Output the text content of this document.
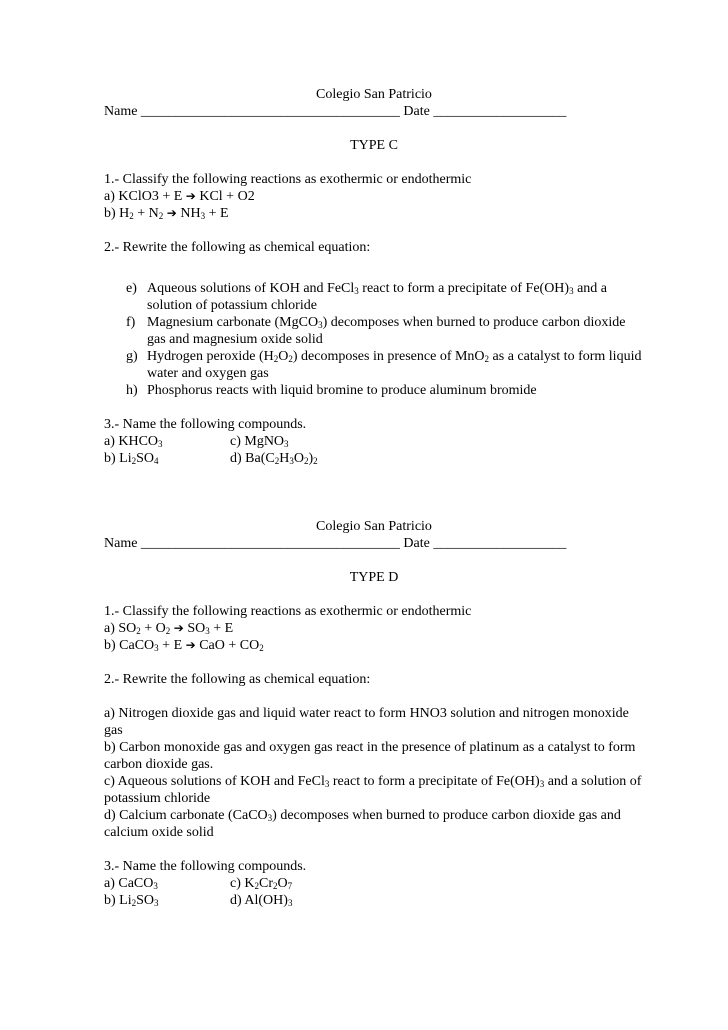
Colegio San Patricio

Name _____________________________________ Date ___________________

TYPE C

1.- Classify the following reactions as exothermic or endothermic

a) KClO3 + E ➔ KCl + O2

b) $H_2 + N_2$ ➔ $NH_3 + E$

2.- Rewrite the following as chemical equation:

e) Aqueous solutions of KOH and FeCl$_3$ react to form a precipitate of $Fe(OH)_3$ and a solution of potassium chloride
f) Magnesium carbonate (MgCO$_3$) decomposes when burned to produce carbon dioxide gas and magnesium oxide solid
g) Hydrogen peroxide $(H_2O_2)$ decomposes in presence of MnO$_2$ as a catalyst to form liquid water and oxygen gas
h) Phosphorus reacts with liquid bromine to produce aluminum bromide

3.- Name the following compounds.

a) $KHCO_3$	c) MgNO$_3$
b) $Li_2SO_4$	d) $Ba(C_2H_3O_2)_2$

Colegio San Patricio

Name _____________________________________ Date ___________________

TYPE D

1.- Classify the following reactions as exothermic or endothermic

a) $SO_2 + O_2$ ➔ $SO_3 + E$

b) CaCO$_3$ + E ➔ CaO + $CO_2$

2.- Rewrite the following as chemical equation:

a) Nitrogen dioxide gas and liquid water react to form HNO3 solution and nitrogen monoxide gas

b) Carbon monoxide gas and oxygen gas react in the presence of platinum as a catalyst to form carbon dioxide gas.

c) Aqueous solutions of KOH and FeCl$_3$ react to form a precipitate of $Fe(OH)_3$ and a solution of potassium chloride

d) Calcium carbonate (CaCO$_3$) decomposes when burned to produce carbon dioxide gas and calcium oxide solid

3.- Name the following compounds.

a) CaCO$_3$	c) $K_2Cr_2O_7$
b) $Li_2SO_3$	d) $Al(OH)_3$
